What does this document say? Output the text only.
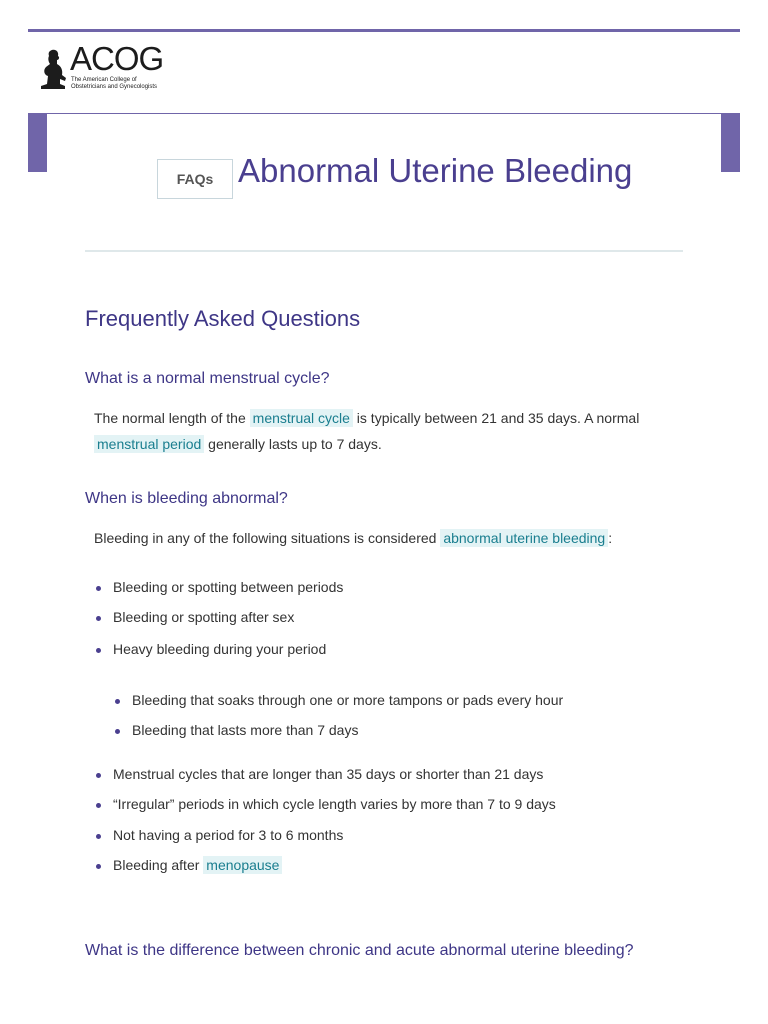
ACOG
The American College of
Obstetricians and Gynecologists
FAQs Abnormal Uterine Bleeding
Frequently Asked Questions
What is a normal menstrual cycle?

The normal length of the menstrual cycle is typically between 21 and 35 days. A normal
menstrual period generally lasts up to 7 days.

When is bleeding abnormal?

Bleeding in any of the following situations is considered abnormal uterine bleeding :

Bleeding or spotting between periods
Bleeding or spotting after sex
Heavy bleeding during your period
Bleeding that soaks through one or more tampons or pads every hour
Bleeding that lasts more than 7 days
Menstrual cycles that are longer than 35 days or shorter than 21 days
“Irregular” periods in which cycle length varies by more than 7 to 9 days
Not having a period for 3 to 6 months
Bleeding after menopause
What is the difference between chronic and acute abnormal uterine bleeding?
